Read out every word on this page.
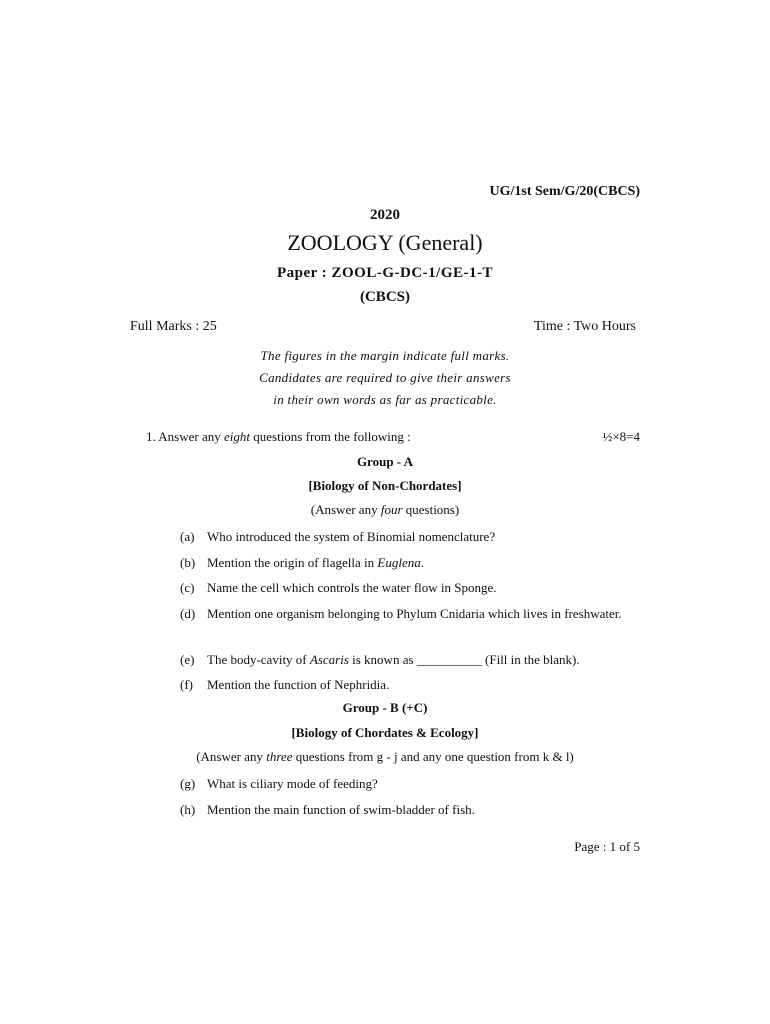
UG/1st Sem/G/20(CBCS)
2020
ZOOLOGY (General)
Paper : ZOOL-G-DC-1/GE-1-T
(CBCS)
Full Marks : 25	Time : Two Hours
The figures in the margin indicate full marks.
Candidates are required to give their answers
in their own words as far as practicable.
1. Answer any eight questions from the following :	½×8=4
Group - A
[Biology of Non-Chordates]
(Answer any four questions)
(a) Who introduced the system of Binomial nomenclature?
(b) Mention the origin of flagella in Euglena.
(c) Name the cell which controls the water flow in Sponge.
(d) Mention one organism belonging to Phylum Cnidaria which lives in freshwater.
(e) The body-cavity of Ascaris is known as __________ (Fill in the blank).
(f) Mention the function of Nephridia.
Group - B (+C)
[Biology of Chordates & Ecology]
(Answer any three questions from g - j and any one question from k & l)
(g) What is ciliary mode of feeding?
(h) Mention the main function of swim-bladder of fish.
Page : 1 of 5
